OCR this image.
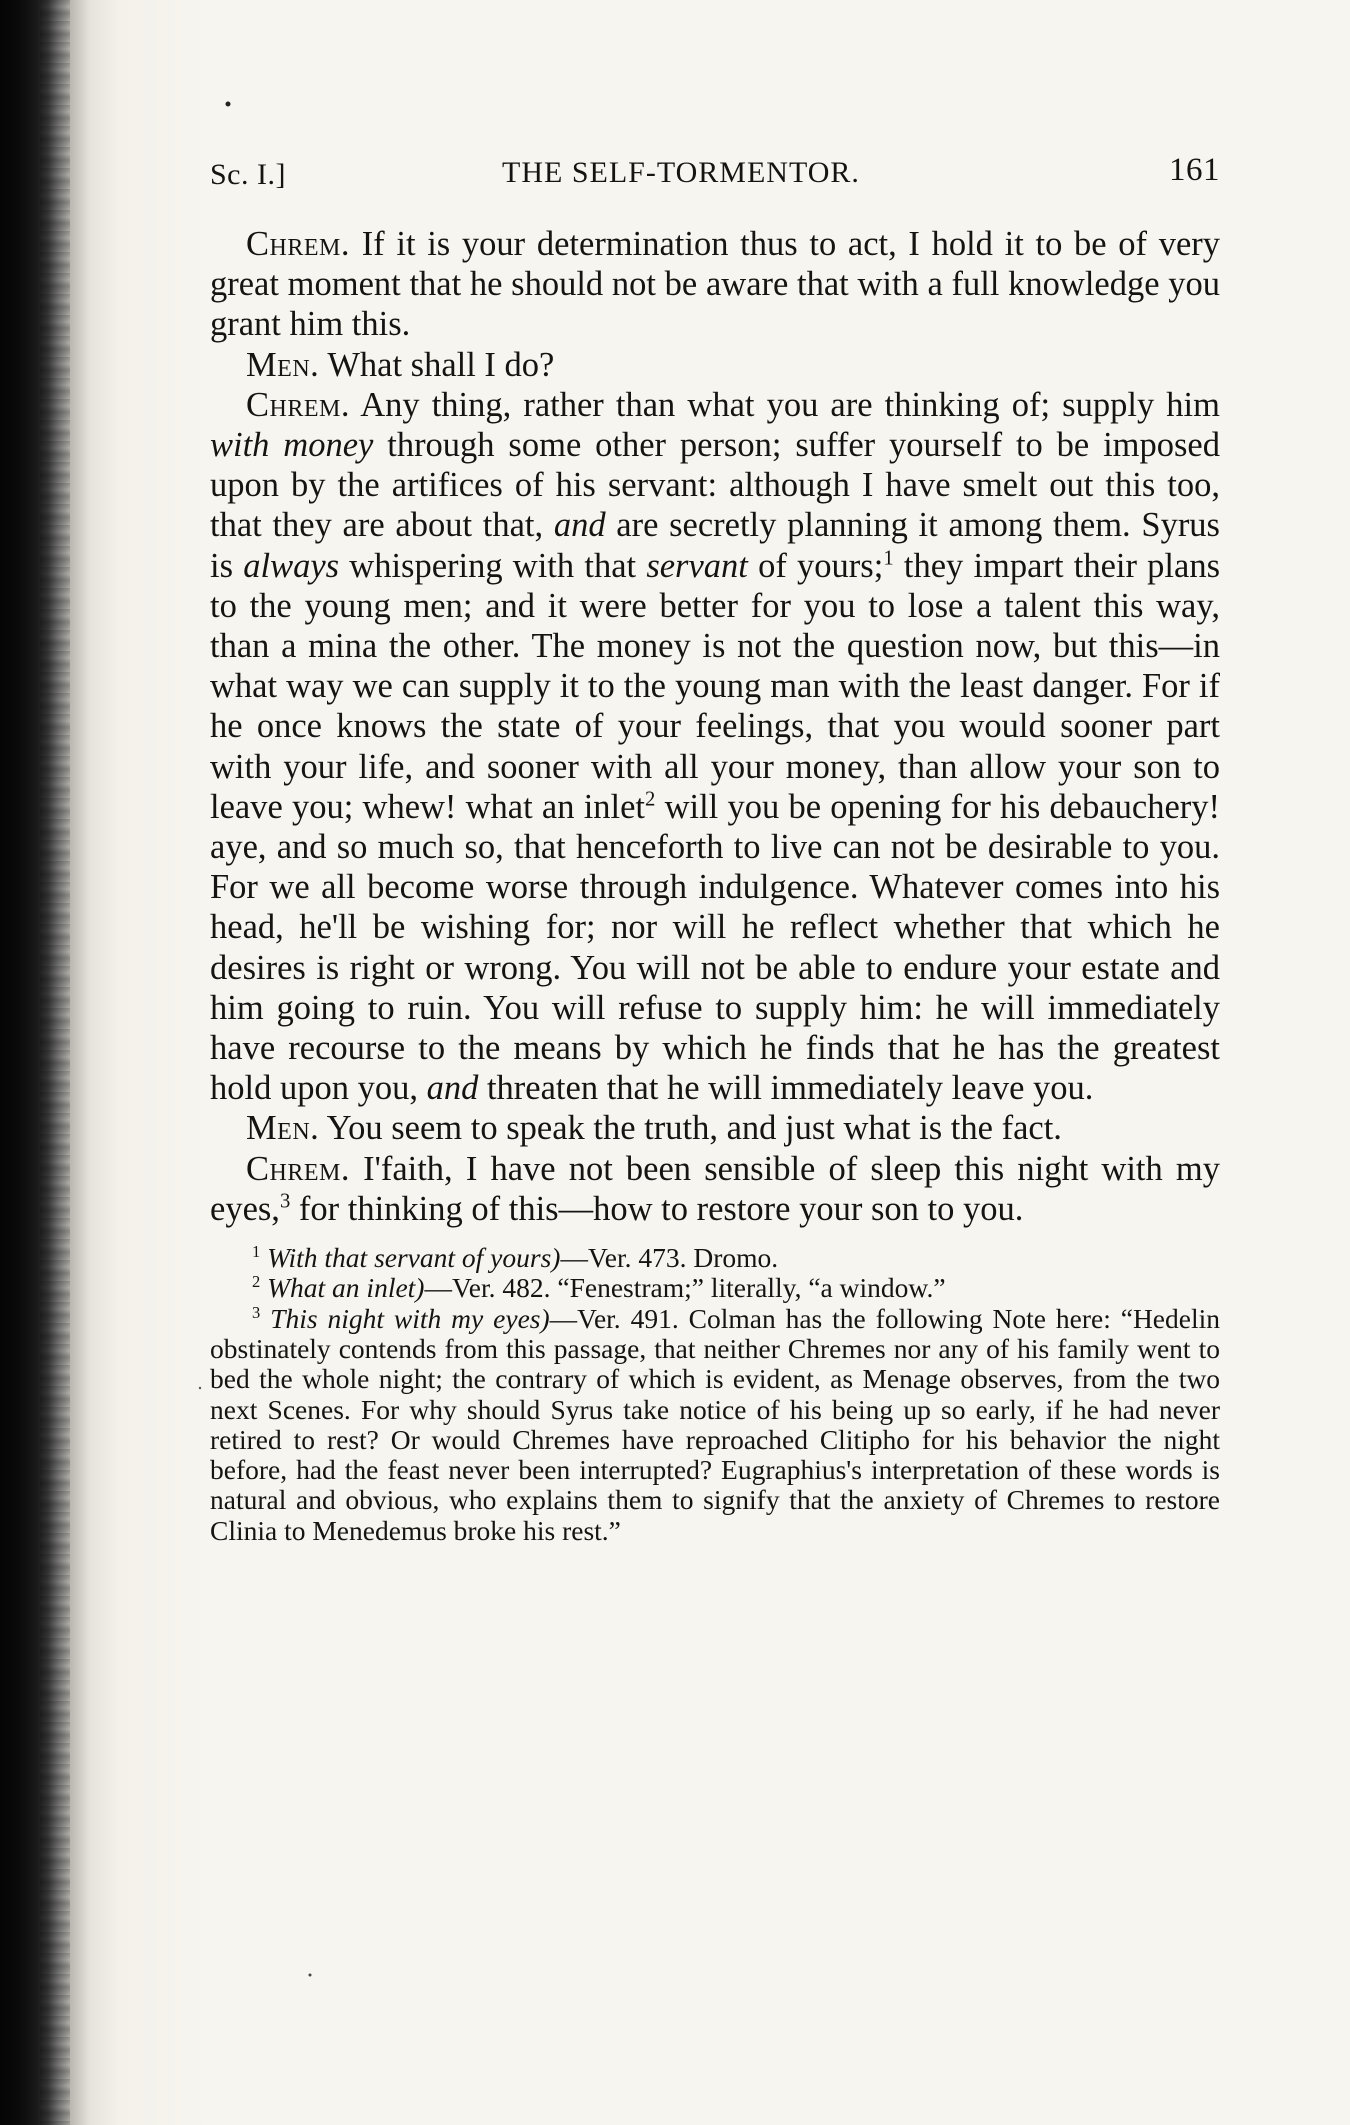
Sc. I.]	THE SELF-TORMENTOR.	161

Chrem. If it is your determination thus to act, I hold it to be of very great moment that he should not be aware that with a full knowledge you grant him this.

Men. What shall I do?

Chrem. Any thing, rather than what you are thinking of; supply him with money through some other person; suffer yourself to be imposed upon by the artifices of his servant: although I have smelt out this too, that they are about that, and are secretly planning it among them. Syrus is always whispering with that servant of yours;$^1$ they impart their plans to the young men; and it were better for you to lose a talent this way, than a mina the other. The money is not the question now, but this—in what way we can supply it to the young man with the least danger. For if he once knows the state of your feelings, that you would sooner part with your life, and sooner with all your money, than allow your son to leave you; whew! what an inlet$^2$ will you be opening for his debauchery! aye, and so much so, that henceforth to live can not be desirable to you. For we all become worse through indulgence. Whatever comes into his head, he'll be wishing for; nor will he reflect whether that which he desires is right or wrong. You will not be able to endure your estate and him going to ruin. You will refuse to supply him: he will immediately have recourse to the means by which he finds that he has the greatest hold upon you, and threaten that he will immediately leave you.

Men. You seem to speak the truth, and just what is the fact.

Chrem. I'faith, I have not been sensible of sleep this night with my eyes,$^3$ for thinking of this—how to restore your son to you.

$^1$ With that servant of yours)—Ver. 473. Dromo.

$^2$ What an inlet)—Ver. 482. “Fenestram;” literally, “a window.”

$^3$ This night with my eyes)—Ver. 491. Colman has the following Note here: “Hedelin obstinately contends from this passage, that neither Chremes nor any of his family went to bed the whole night; the contrary of which is evident, as Menage observes, from the two next Scenes. For why should Syrus take notice of his being up so early, if he had never retired to rest? Or would Chremes have reproached Clitipho for his behavior the night before, had the feast never been interrupted? Eugraphius's interpretation of these words is natural and obvious, who explains them to signify that the anxiety of Chremes to restore Clinia to Menedemus broke his rest.”
